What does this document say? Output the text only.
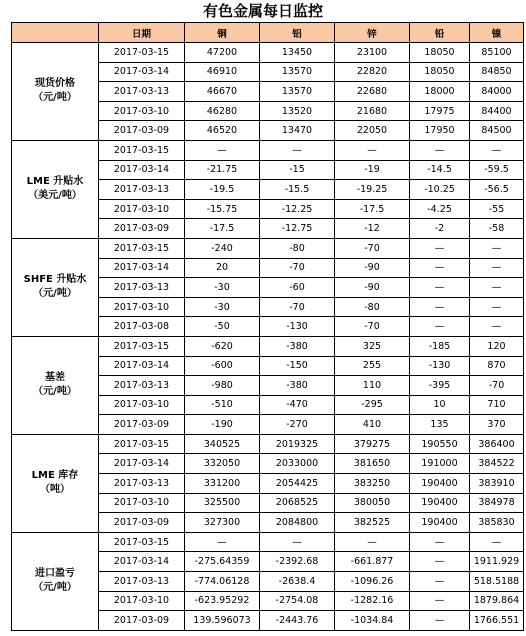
有色金属每日监控
	日期	铜	铝	锌	铅	镍

现货价格
（元/吨）	2017-03-15	47200	13450	23100	18050	85100
	2017-03-14	46910	13570	22820	18050	84850
	2017-03-13	46670	13570	22680	18000	84000
	2017-03-10	46280	13520	21680	17975	84400
	2017-03-09	46520	13470	22050	17950	84500

LME 升贴水
（美元/吨）	2017-03-15	—	—	—	—	—
	2017-03-14	-21.75	-15	-19	-14.5	-59.5
	2017-03-13	-19.5	-15.5	-19.25	-10.25	-56.5
	2017-03-10	-15.75	-12.25	-17.5	-4.25	-55
	2017-03-09	-17.5	-12.75	-12	-2	-58

SHFE 升贴水
（元/吨）	2017-03-15	-240	-80	-70	—	—
	2017-03-14	20	-70	-90	—	—
	2017-03-13	-30	-60	-90	—	—
	2017-03-10	-30	-70	-80	—	—
	2017-03-08	-50	-130	-70	—	—

基差
（元/吨）	2017-03-15	-620	-380	325	-185	120
	2017-03-14	-600	-150	255	-130	870
	2017-03-13	-980	-380	110	-395	-70
	2017-03-10	-510	-470	-295	10	710
	2017-03-09	-190	-270	410	135	370

LME 库存
（吨）	2017-03-15	340525	2019325	379275	190550	386400
	2017-03-14	332050	2033000	381650	191000	384522
	2017-03-13	331200	2054425	383250	190400	383910
	2017-03-10	325500	2068525	380050	190400	384978
	2017-03-09	327300	2084800	382525	190400	385830

进口盈亏
（元/吨）	2017-03-15	—	—	—	—	—
	2017-03-14	-275.64359	-2392.68	-661.877	—	1911.929
	2017-03-13	-774.06128	-2638.4	-1096.26	—	518.5188
	2017-03-10	-623.95292	-2754.08	-1282.16	—	1879.864
	2017-03-09	139.596073	-2443.76	-1034.84	—	1766.551
